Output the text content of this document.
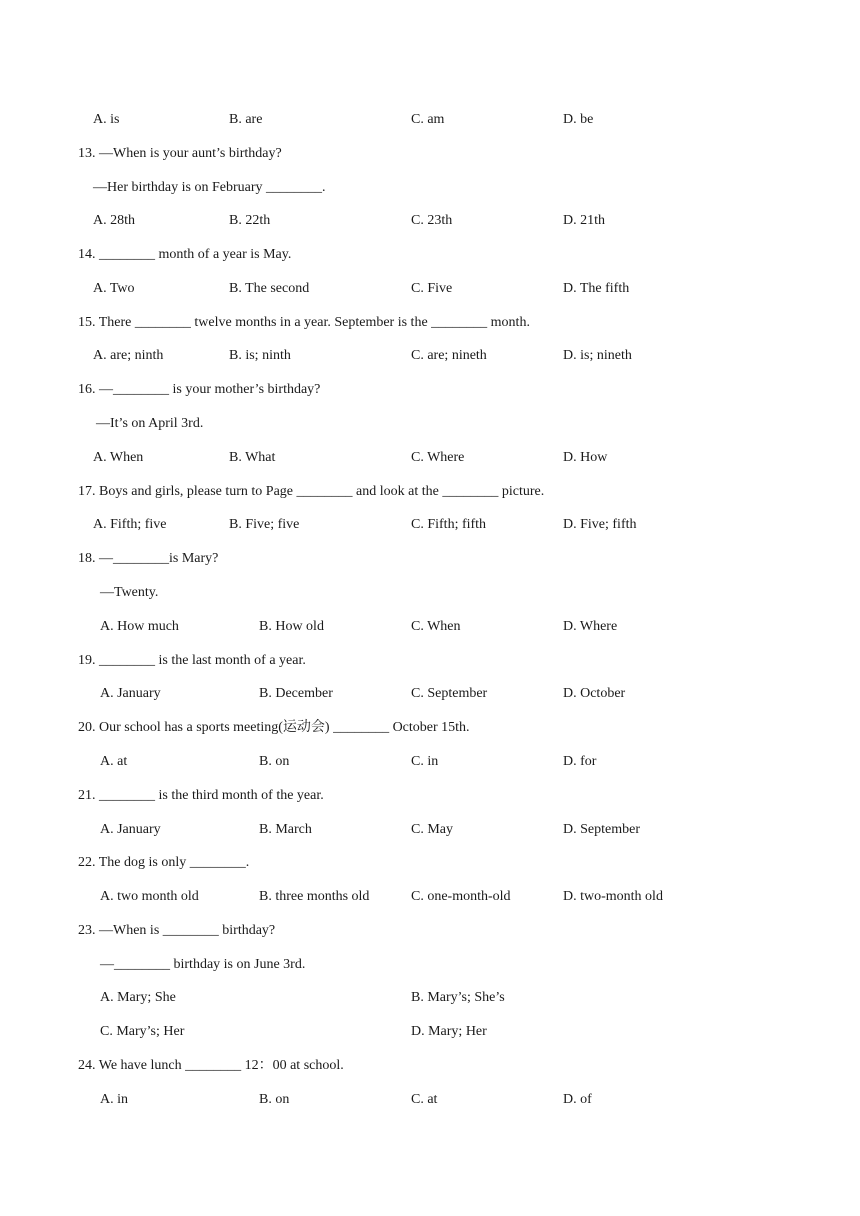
A. is	B. are	C. am	D. be
13. —When is your aunt’s birthday?
—Her birthday is on February ________.
A. 28th	B. 22th	C. 23th	D. 21th
14. ________ month of a year is May.
A. Two	B. The second	C. Five	D. The fifth
15. There ________ twelve months in a year. September is the ________ month.
A. are; ninth	B. is; ninth	C. are; nineth	D. is; nineth
16. —________ is your mother’s birthday?
—It’s on April 3rd.
A. When	B. What	C. Where	D. How
17. Boys and girls, please turn to Page ________ and look at the ________ picture.
A. Fifth; five	B. Five; five	C. Fifth; fifth	D. Five; fifth
18. —________is Mary?
—Twenty.
A. How much	B. How old	C. When	D. Where
19. ________ is the last month of a year.
A. January	B. December	C. September	D. October
20. Our school has a sports meeting(运动会) ________ October 15th.
A. at	B. on	C. in	D. for
21. ________ is the third month of the year.
A. January	B. March	C. May	D. September
22. The dog is only ________.
A. two month old	B. three months old	C. one-month-old	D. two-month old
23. —When is ________ birthday?
—________ birthday is on June 3rd.
A. Mary; She	B. Mary’s; She’s
C. Mary’s; Her	D. Mary; Her
24. We have lunch ________ 12：00 at school.
A. in	B. on	C. at	D. of
